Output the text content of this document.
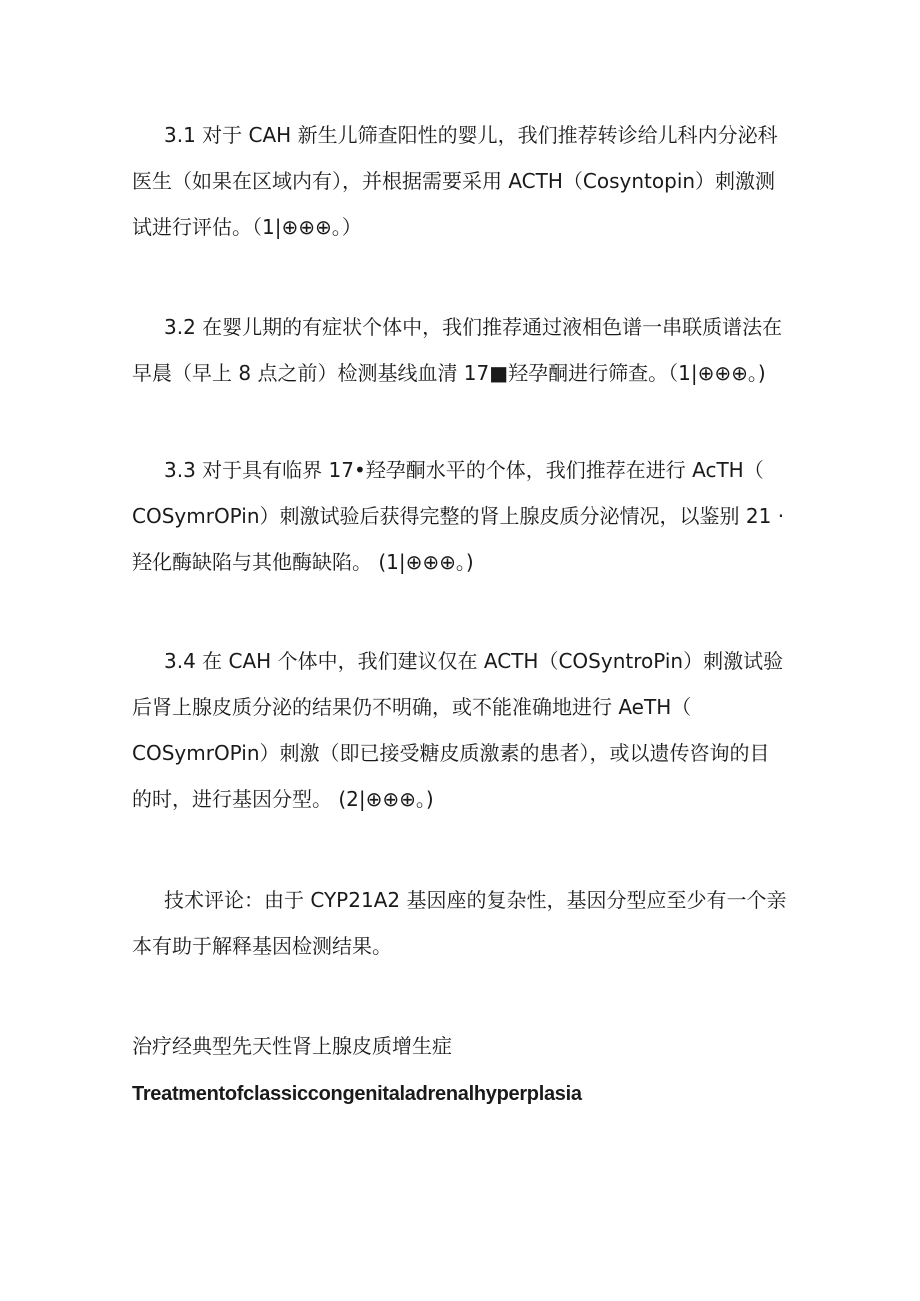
3.1 对于 CAH 新生儿筛查阳性的婴儿，我们推荐转诊给儿科内分泌科
医生（如果在区域内有），并根据需要采用 ACTH（Cosyntopin）刺激测
试进行评估。（1|⊕⊕⊕。）

3.2 在婴儿期的有症状个体中，我们推荐通过液相色谱一串联质谱法在
早晨（早上 8 点之前）检测基线血清 17■羟孕酮进行筛查。（1|⊕⊕⊕。)

3.3 对于具有临界 17•羟孕酮水平的个体，我们推荐在进行 AcTH（
COSymrOPin）刺激试验后获得完整的肾上腺皮质分泌情况，以鉴别 21 ·
羟化酶缺陷与其他酶缺陷。 (1|⊕⊕⊕。)

3.4 在 CAH 个体中，我们建议仅在 ACTH（COSyntroPin）刺激试验
后肾上腺皮质分泌的结果仍不明确，或不能准确地进行 AeTH（
COSymrOPin）刺激（即已接受糖皮质激素的患者），或以遗传咨询的目
的时，进行基因分型。 (2|⊕⊕⊕。)

技术评论：由于 CYP21A2 基因座的复杂性，基因分型应至少有一个亲
本有助于解释基因检测结果。

治疗经典型先天性肾上腺皮质增生症
Treatmentofclassiccongenitaladrenalhyperplasia
